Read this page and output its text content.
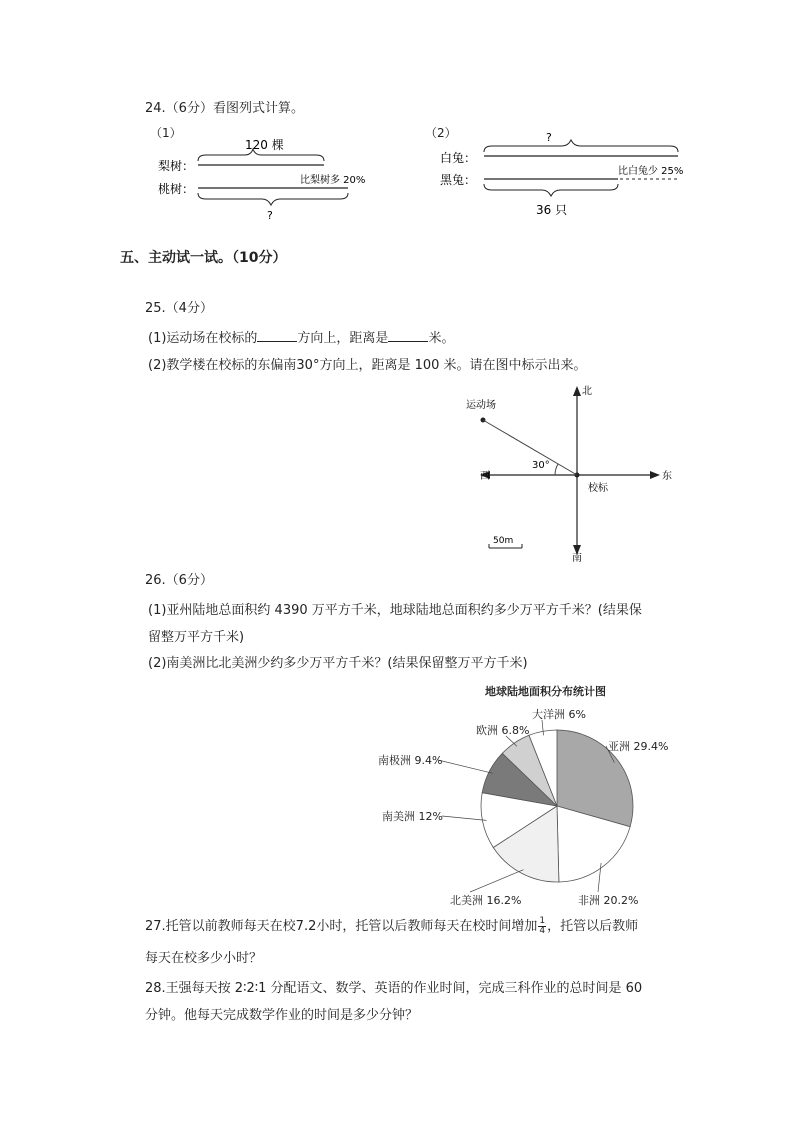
24.（6分）看图列式计算。
（1）
120 棵
梨树：
桃树：
比梨树多 20%
?
（2）	?
白兔：
黑兔：
比白兔少 25%
36 只
五、主动试一试。（10分）
25.（4分）
(1)运动场在校标的	方向上，距离是	米。
(2)教学楼在校标的东偏南30°方向上，距离是 100 米。请在图中标示出来。
北
南
东
西
校标
运动场
30°
50m
26.（6分）
(1)亚州陆地总面积约 4390 万平方千米，地球陆地总面积约多少万平方千米？(结果保
留整万平方千米)
(2)南美洲比北美洲少约多少万平方千米？(结果保留整万平方千米)
地球陆地面积分布统计图
亚洲 29.4%
非洲 20.2%
北美洲 16.2%
南美洲 12%
南极洲 9.4%
欧洲 6.8%
大洋洲 6%
27.托管以前教师每天在校7.2小时，托管以后教师每天在校时间增加 $\frac{1}{4}$ ，托管以后教师
每天在校多少小时？
28.王强每天按 2∶2∶1 分配语文、数学、英语的作业时间，完成三科作业的总时间是 60
分钟。他每天完成数学作业的时间是多少分钟？
